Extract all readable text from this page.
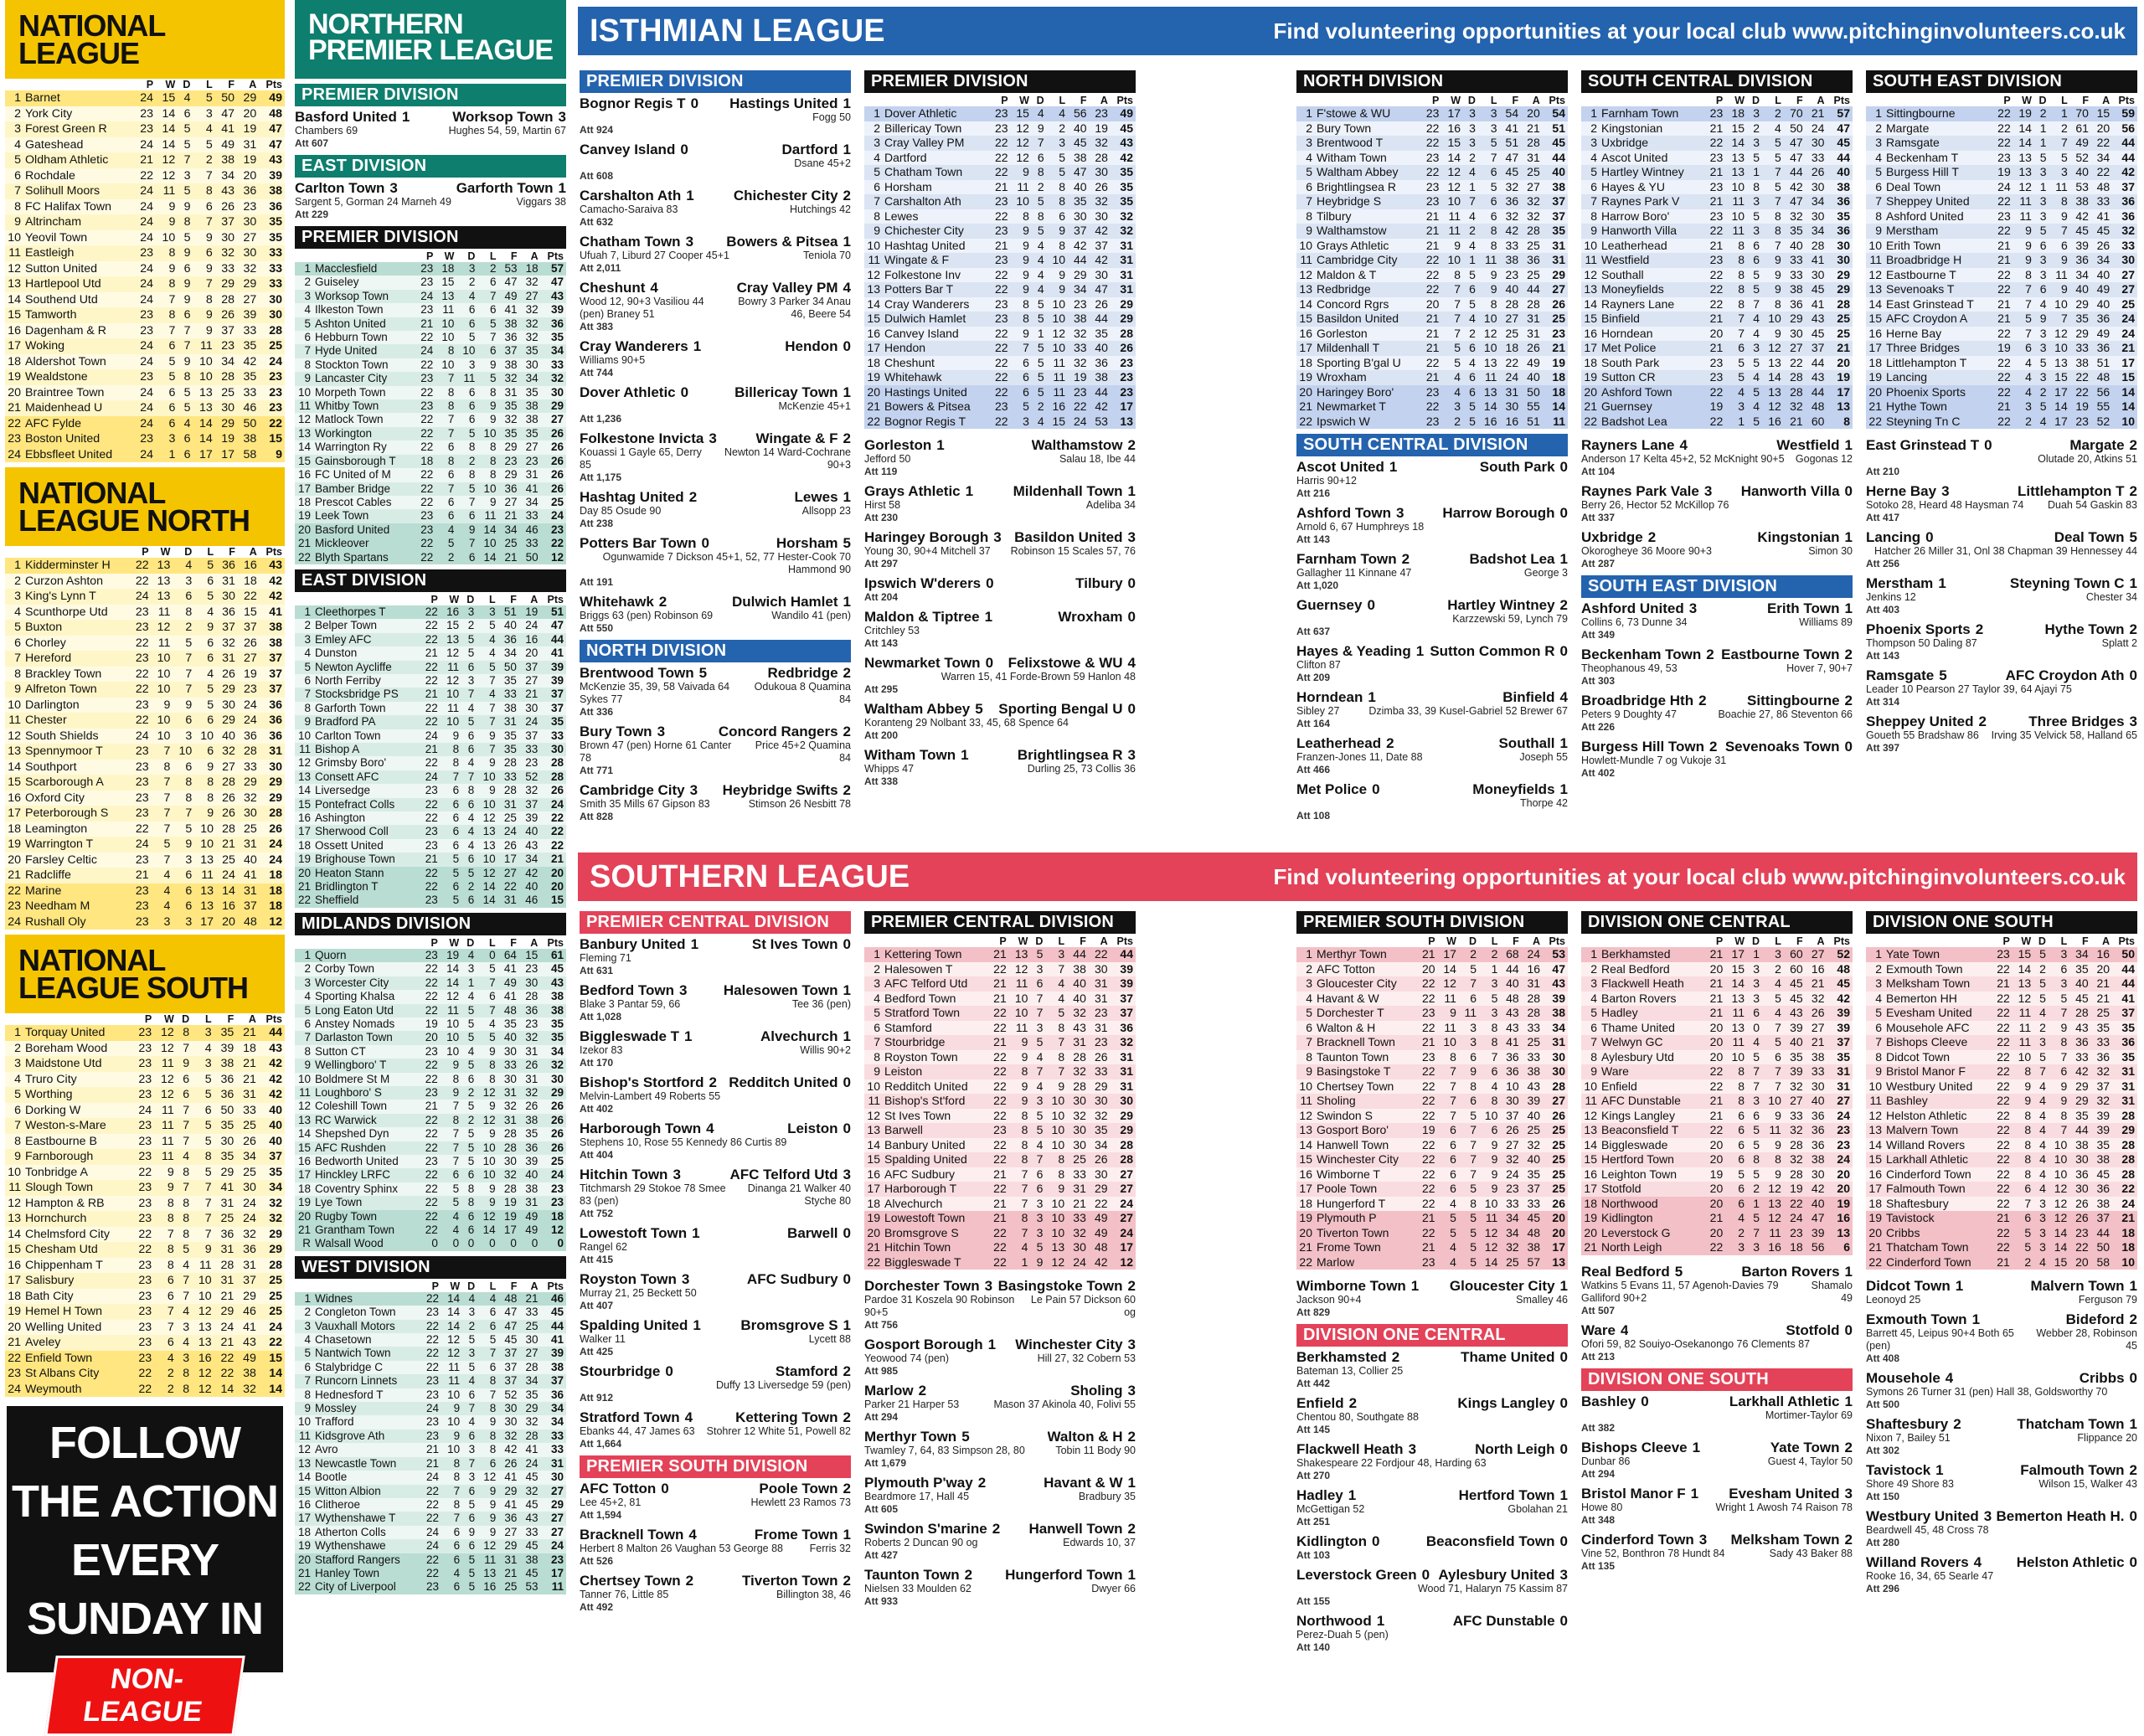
NATIONAL LEAGUE
		P	W	D	L	F	A	Pts
1	Barnet	24	15	4	5	50	29	49
2	York City	23	14	6	3	47	20	48
3	Forest Green R	23	14	5	4	41	19	47
4	Gateshead	24	14	5	5	49	31	47
5	Oldham Athletic	21	12	7	2	38	19	43
6	Rochdale	22	12	3	7	34	20	39
7	Solihull Moors	24	11	5	8	43	36	38
8	FC Halifax Town	24	9	9	6	26	23	36
9	Altrincham	24	9	8	7	37	30	35
10	Yeovil Town	24	10	5	9	30	27	35
11	Eastleigh	23	8	9	6	32	30	33
12	Sutton United	24	9	6	9	33	32	33
13	Hartlepool Utd	24	8	9	7	29	29	33
14	Southend Utd	24	7	9	8	28	27	30
15	Tamworth	23	8	6	9	26	39	30
16	Dagenham & R	23	7	7	9	37	33	28
17	Woking	24	6	7	11	23	35	25
18	Aldershot Town	24	5	9	10	34	42	24
19	Wealdstone	23	5	8	10	28	35	23
20	Braintree Town	24	6	5	13	25	33	23
21	Maidenhead U	24	6	5	13	30	46	23
22	AFC Fylde	24	6	4	14	29	50	22
23	Boston United	23	3	6	14	19	38	15
24	Ebbsfleet United	24	1	6	17	17	58	9
NATIONAL LEAGUE NORTH
		P	W	D	L	F	A	Pts
1	Kidderminster H	22	13	4	5	36	16	43
2	Curzon Ashton	22	13	3	6	31	18	42
3	King's Lynn T	24	13	6	5	30	22	42
4	Scunthorpe Utd	23	11	8	4	36	15	41
5	Buxton	23	12	2	9	37	37	38
6	Chorley	22	11	5	6	32	26	38
7	Hereford	23	10	7	6	31	27	37
8	Brackley Town	22	10	7	4	26	19	37
9	Alfreton Town	22	10	7	5	29	23	37
10	Darlington	23	9	9	5	30	24	36
11	Chester	22	10	6	6	29	24	36
12	South Shields	24	10	3	10	40	36	36
13	Spennymoor T	23	7	10	6	32	28	31
14	Southport	23	8	6	9	27	33	30
15	Scarborough A	23	7	8	8	28	29	29
16	Oxford City	23	7	8	8	26	32	29
17	Peterborough S	23	7	7	9	26	30	28
18	Leamington	22	7	5	10	28	25	26
19	Warrington T	24	5	9	10	21	31	24
20	Farsley Celtic	23	7	3	13	25	40	24
21	Radcliffe	21	4	6	11	24	41	18
22	Marine	23	4	6	13	14	31	18
23	Needham M	23	4	6	13	16	37	18
24	Rushall Oly	23	3	3	17	20	48	12
NATIONAL LEAGUE SOUTH
		P	W	D	L	F	A	Pts
1	Torquay United	23	12	8	3	35	21	44
2	Boreham Wood	23	12	7	4	39	18	43
3	Maidstone Utd	23	11	9	3	38	21	42
4	Truro City	23	12	6	5	36	21	42
5	Worthing	23	12	6	5	36	31	42
6	Dorking W	24	11	7	6	50	33	40
7	Weston-s-Mare	23	11	7	5	35	25	40
8	Eastbourne B	23	11	7	5	30	26	40
9	Farnborough	23	11	4	8	35	34	37
10	Tonbridge A	22	9	8	5	29	25	35
11	Slough Town	23	9	7	7	41	30	34
12	Hampton & RB	23	8	8	7	31	24	32
13	Hornchurch	23	8	8	7	25	24	32
14	Chelmsford City	22	7	8	7	36	32	29
15	Chesham Utd	22	8	5	9	31	36	29
16	Chippenham T	23	8	4	11	28	31	28
17	Salisbury	23	6	7	10	31	37	25
18	Bath City	23	6	7	10	21	29	25
19	Hemel H Town	23	7	4	12	29	46	25
20	Welling United	23	7	3	13	24	41	24
21	Aveley	23	6	4	13	21	43	22
22	Enfield Town	23	4	3	16	22	49	15
23	St Albans City	22	2	8	12	22	38	14
24	Weymouth	22	2	8	12	14	32	14
FOLLOW
THE ACTION
EVERY
SUNDAY IN
NON-LEAGUE
NORTHERN PREMIER LEAGUE
PREMIER DIVISION
Basford United 1	Worksop Town 3
Chambers 69	Hughes 54, 59, Martin 67
Att 607
EAST DIVISION
Carlton Town 3	Garforth Town 1
Sargent 5, Gorman 24 Marneh 49	Viggars 38
Att 229
PREMIER DIVISION
		P	W	D	L	F	A	Pts
1	Macclesfield	23	18	3	2	53	18	57
2	Guiseley	23	15	2	6	47	32	47
3	Worksop Town	24	13	4	7	49	27	43
4	Ilkeston Town	23	11	6	6	41	32	39
5	Ashton United	21	10	6	5	38	32	36
6	Hebburn Town	22	10	5	7	36	32	35
7	Hyde United	24	8	10	6	37	35	34
8	Stockton Town	22	10	3	9	38	30	33
9	Lancaster City	23	7	11	5	32	34	32
10	Morpeth Town	22	8	6	8	31	35	30
11	Whitby Town	23	8	6	9	35	38	29
12	Matlock Town	22	7	6	9	32	38	27
13	Workington	22	7	5	10	35	35	26
14	Warrington Ry	22	6	8	8	29	27	26
15	Gainsborough T	18	8	2	8	23	23	26
16	FC United of M	22	6	8	8	29	31	26
17	Bamber Bridge	22	7	5	10	36	41	26
18	Prescot Cables	22	6	7	9	27	34	25
19	Leek Town	23	6	6	11	21	33	24
20	Basford United	23	4	9	14	34	46	23
21	Mickleover	22	5	7	10	25	33	22
22	Blyth Spartans	22	2	6	14	21	50	12
EAST DIVISION
		P	W	D	L	F	A	Pts
1	Cleethorpes T	22	16	3	3	51	19	51
2	Belper Town	22	15	2	5	40	24	47
3	Emley AFC	22	13	5	4	36	16	44
4	Dunston	21	12	5	4	34	20	41
5	Newton Aycliffe	22	11	6	5	50	37	39
6	North Ferriby	22	12	3	7	35	27	39
7	Stocksbridge PS	21	10	7	4	33	21	37
8	Garforth Town	22	11	4	7	38	30	37
9	Bradford PA	22	10	5	7	31	24	35
10	Carlton Town	24	9	6	9	35	37	33
11	Bishop A	21	8	6	7	35	33	30
12	Grimsby Boro'	22	8	4	9	28	23	28
13	Consett AFC	24	7	7	10	33	52	28
14	Liversedge	23	6	8	9	28	32	26
15	Pontefract Colls	22	6	6	10	31	37	24
16	Ashington	22	6	4	12	25	39	22
17	Sherwood Coll	23	6	4	13	24	40	22
18	Ossett United	23	6	4	13	26	43	22
19	Brighouse Town	21	5	6	10	17	34	21
20	Heaton Stann	22	5	5	12	27	42	20
21	Bridlington T	22	6	2	14	22	40	20
22	Sheffield	23	5	6	14	31	46	15
MIDLANDS DIVISION
		P	W	D	L	F	A	Pts
1	Quorn	23	19	4	0	64	15	61
2	Corby Town	22	14	3	5	41	23	45
3	Worcester City	22	14	1	7	49	30	43
4	Sporting Khalsa	22	12	4	6	41	28	38
5	Long Eaton Utd	22	11	5	7	48	36	38
6	Anstey Nomads	19	10	5	4	35	23	35
7	Darlaston Town	20	10	5	5	40	32	35
8	Sutton CT	23	10	4	9	30	31	34
9	Wellingboro' T	22	9	5	8	33	26	32
10	Boldmere St M	22	8	6	8	30	31	30
11	Loughboro' S	23	9	2	12	31	32	29
12	Coleshill Town	21	7	5	9	32	26	26
13	RC Warwick	22	8	2	12	31	38	26
14	Shepshed Dyn	22	7	5	9	28	35	26
15	AFC Rushden	22	7	5	10	28	36	26
16	Bedworth United	23	7	5	10	30	39	25
17	Hinckley LRFC	22	6	6	10	32	40	24
18	Coventry Sphinx	22	5	8	9	28	38	23
19	Lye Town	22	5	8	9	19	31	23
20	Rugby Town	22	4	6	12	19	49	18
21	Grantham Town	22	4	6	14	17	49	12
R	Walsall Wood	0	0	0	0	0	0	0
WEST DIVISION
		P	W	D	L	F	A	Pts
1	Widnes	22	14	4	4	48	21	46
2	Congleton Town	23	14	3	6	47	33	45
3	Vauxhall Motors	22	14	2	6	47	25	44
4	Chasetown	22	12	5	5	45	30	41
5	Nantwich Town	22	12	3	7	37	27	39
6	Stalybridge C	22	11	5	6	37	28	38
7	Runcorn Linnets	23	11	4	8	37	34	37
8	Hednesford T	23	10	6	7	52	35	36
9	Mossley	24	9	7	8	30	29	34
10	Trafford	23	10	4	9	30	32	34
11	Kidsgrove Ath	23	9	6	8	32	28	33
12	Avro	21	10	3	8	42	41	33
13	Newcastle Town	21	8	7	6	26	24	31
14	Bootle	24	8	3	12	41	45	30
15	Witton Albion	22	7	6	9	29	32	27
16	Clitheroe	22	8	5	9	41	45	29
17	Wythenshawe T	22	7	6	9	36	43	27
18	Atherton Colls	24	6	9	9	27	33	27
19	Wythenshawe	24	6	6	12	29	45	24
20	Stafford Rangers	22	6	5	11	31	38	23
21	Hanley Town	22	4	5	13	21	45	17
22	City of Liverpool	23	6	5	16	25	53	11
ISTHMIAN LEAGUE	Find volunteering opportunities at your local club www.pitchinginvolunteers.co.uk
PREMIER DIVISION
Bognor Regis T 0 Hastings United 1
Fogg 50
Att 924
Canvey Island 0	Dartford 1
Dsane 45+2
Att 608
Carshalton Ath 1	Chichester City 2
Camacho-Saraiva 83	Hutchings 42
Att 632
Chatham Town 3 Bowers & Pitsea 1
Ufuah 7, Liburd 27 Cooper 45+1	Teniola 70
Att 2,011
Cheshunt 4	Cray Valley PM 4
Wood 12, 90+3 Vasiliou 44 (pen) Braney 51
Bowry 3 Parker 34 Anau 46, Beere 54
Att 383
Cray Wanderers 1	Hendon 0
Williams 90+5
Att 744
Dover Athletic 0	Billericay Town 1
McKenzie 45+1
Att 1,236
Folkestone Invicta 3	Wingate & F 2
Kouassi 1 Gayle 65, Derry 85
Newton 14 Ward-Cochrane 90+3
Att 1,175
Hashtag United 2	Lewes 1
Day 85 Osude 90	Allsopp 23
Att 238
Potters Bar Town 0	Horsham 5
Ogunwamide 7 Dickson 45+1, 52, 77 Hester-Cook 70 Hammond 90
Att 191
Whitehawk 2	Dulwich Hamlet 1
Briggs 63 (pen) Robinson 69	Wandilo 41 (pen)
Att 550
NORTH DIVISION
Brentwood Town 5	Redbridge 2
McKenzie 35, 39, 58 Vaivada 64 Sykes 77
Odukoua 8 Quamina 84
Att 336
Bury Town 3	Concord Rangers 2
Brown 47 (pen) Horne 61 Canter 78
Price 45+2 Quamina 84
Att 771
Cambridge City 3 Heybridge Swifts 2
Smith 35 Mills 67 Gipson 83	Stimson 26 Nesbitt 78
Att 828
PREMIER DIVISION
		P	W	D	L	F	A	Pts
1	Dover Athletic	23	15	4	4	56	23	49
2	Billericay Town	23	12	9	2	40	19	45
3	Cray Valley PM	22	12	7	3	45	32	43
4	Dartford	22	12	6	5	38	28	42
5	Chatham Town	22	9	8	5	47	30	35
6	Horsham	21	11	2	8	40	26	35
7	Carshalton Ath	23	10	5	8	35	32	35
8	Lewes	22	8	8	6	30	30	32
9	Chichester City	23	9	5	9	37	42	32
10	Hashtag United	21	9	4	8	42	37	31
11	Wingate & F	23	9	4	10	44	42	31
12	Folkestone Inv	22	9	4	9	29	30	31
13	Potters Bar T	22	9	4	9	34	47	31
14	Cray Wanderers	23	8	5	10	23	26	29
15	Dulwich Hamlet	23	8	5	10	38	44	29
16	Canvey Island	22	9	1	12	32	35	28
17	Hendon	22	7	5	10	33	40	26
18	Cheshunt	22	6	5	11	32	36	23
19	Whitehawk	22	6	5	11	19	38	23
20	Hastings United	22	6	5	11	23	44	23
21	Bowers & Pitsea	23	5	2	16	22	42	17
22	Bognor Regis T	22	3	4	15	24	53	13
Gorleston 1	Walthamstow 2
Jefford 50	Salau 18, Ibe 44
Att 119
Grays Athletic 1	Mildenhall Town 1
Hirst 58	Adeliba 34
Att 230
Haringey Borough 3 Basildon United 3
Young 30, 90+4 Mitchell 37 Robinson 15 Scales 57, 76
Att 297
Ipswich W'derers 0	Tilbury 0
Att 204
Maldon & Tiptree 1	Wroxham 0
Critchley 53
Att 143
Newmarket Town 0 Felixstowe & WU 4
Warren 15, 41 Forde-Brown 59 Hanlon 48
Att 295
Waltham Abbey 5 Sporting Bengal U 0
Koranteng 29 Nolbant 33, 45, 68 Spence 64
Att 200
Witham Town 1	Brightlingsea R 3
Whipps 47	Durling 25, 73 Collis 36
Att 338
NORTH DIVISION
		P	W	D	L	F	A	Pts
1	F'stowe & WU	23	17	3	3	54	20	54
2	Bury Town	22	16	3	3	41	21	51
3	Brentwood T	22	15	3	5	51	28	45
4	Witham Town	23	14	2	7	47	31	44
5	Waltham Abbey	22	12	4	6	45	25	40
6	Brightlingsea R	23	12	1	5	32	27	38
7	Heybridge S	23	10	7	6	36	32	37
8	Tilbury	21	11	4	6	32	32	37
9	Walthamstow	21	11	2	8	42	28	35
10	Grays Athletic	21	9	4	8	33	25	31
11	Cambridge City	22	10	1	11	38	36	31
12	Maldon & T	22	8	5	9	23	25	29
13	Redbridge	22	7	6	9	40	44	27
14	Concord Rgrs	20	7	5	8	28	28	26
15	Basildon United	21	7	4	10	27	31	25
16	Gorleston	21	7	2	12	25	31	23
17	Mildenhall T	21	5	6	10	18	26	21
18	Sporting B'gal U	22	5	4	13	22	49	19
19	Wroxham	21	4	6	11	24	40	18
20	Haringey Boro'	23	4	6	13	31	50	18
21	Newmarket T	22	3	5	14	30	55	14
22	Ipswich W	23	2	5	16	16	51	11
SOUTH CENTRAL DIVISION
Ascot United 1	South Park 0
Harris 90+12
Att 216
Ashford Town 3	Harrow Borough 0
Arnold 6, 67 Humphreys 18
Att 143
Farnham Town 2	Badshot Lea 1
Gallagher 11 Kinnane 47	George 3
Att 1,020
Guernsey 0	Hartley Wintney 2
Karzzewski 59, Lynch 79
Att 637
Hayes & Yeading 1 Sutton Common R 0
Clifton 87
Att 209
Horndean 1	Binfield 4
Sibley 27	Dzimba 33, 39 Kusel-Gabriel 52 Brewer 67
Att 164
Leatherhead 2	Southall 1
Franzen-Jones 11, Date 88	Joseph 55
Att 466
Met Police 0	Moneyfields 1
Thorpe 42
Att 108
SOUTH CENTRAL DIVISION
		P	W	D	L	F	A	Pts
1	Farnham Town	23	18	3	2	70	21	57
2	Kingstonian	21	15	2	4	50	24	47
3	Uxbridge	22	14	3	5	47	30	45
4	Ascot United	23	13	5	5	47	33	44
5	Hartley Wintney	21	13	1	7	44	26	40
6	Hayes & YU	23	10	8	5	42	30	38
7	Raynes Park V	21	11	3	7	47	34	36
8	Harrow Boro'	23	10	5	8	32	30	35
9	Hanworth Villa	22	11	3	8	35	34	36
10	Leatherhead	21	8	6	7	40	28	30
11	Westfield	23	8	6	9	33	41	30
12	Southall	22	8	5	9	33	30	29
13	Moneyfields	22	8	5	9	38	45	29
14	Rayners Lane	22	8	7	8	36	41	28
15	Binfield	21	7	4	10	29	43	25
16	Horndean	20	7	4	9	30	45	25
17	Met Police	21	6	3	12	27	37	21
18	South Park	23	5	5	13	22	44	20
19	Sutton CR	23	5	4	14	28	43	19
20	Ashford Town	22	4	5	13	28	44	17
21	Guernsey	19	3	4	12	32	48	13
22	Badshot Lea	22	1	5	16	21	60	8
Rayners Lane 4	Westfield 1
Anderson 17 Kelta 45+2, 52 McKnight 90+5 Gogonas 12
Att 104
Raynes Park Vale 3 Hanworth Villa 0
Berry 26, Hector 52 McKillop 76
Att 337
Uxbridge 2	Kingstonian 1
Okorogheye 36 Moore 90+3	Simon 30
Att 287
SOUTH EAST DIVISION
Ashford United 3	Erith Town 1
Collins 6, 73 Dunne 34	Williams 89
Att 349
Beckenham Town 2 Eastbourne Town 2
Theophanous 49, 53	Hover 7, 90+7
Att 303
Broadbridge Hth 2	Sittingbourne 2
Peters 9 Doughty 47	Boachie 27, 86 Steventon 66
Att 226
Burgess Hill Town 2 Sevenoaks Town 0
Howlett-Mundle 7 og Vukoje 31
Att 402
SOUTH EAST DIVISION
		P	W	D	L	F	A	Pts
1	Sittingbourne	22	19	2	1	70	15	59
2	Margate	22	14	1	2	61	20	56
3	Ramsgate	22	14	1	7	49	22	44
4	Beckenham T	23	13	5	5	52	34	44
5	Burgess Hill T	19	13	3	3	40	22	42
6	Deal Town	24	12	1	11	53	48	37
7	Sheppey United	22	11	3	8	38	33	36
8	Ashford United	23	11	3	9	42	41	36
9	Merstham	22	9	5	7	45	45	32
10	Erith Town	21	9	6	6	39	26	33
11	Broadbridge H	21	9	3	9	36	34	30
12	Eastbourne T	22	8	3	11	34	40	27
13	Sevenoaks T	22	7	6	9	40	49	27
14	East Grinstead T	21	7	4	10	29	40	25
15	AFC Croydon A	21	5	9	7	35	36	24
16	Herne Bay	22	7	3	12	29	49	24
17	Three Bridges	19	6	3	10	33	36	21
18	Littlehampton T	22	4	5	13	38	51	17
19	Lancing	22	4	3	15	22	48	15
20	Phoenix Sports	22	4	2	17	22	56	14
21	Hythe Town	21	3	5	14	19	55	14
22	Steyning Tn C	22	2	4	17	23	52	10
East Grinstead T 0	Margate 2
Olutade 20, Atkins 51
Att 210
Herne Bay 3	Littlehampton T 2
Sotoko 28, Heard 48 Haysman 74 Duah 54 Gaskin 83
Att 417
Lancing 0	Deal Town 5
Hatcher 26 Miller 31, Onl 38 Chapman 39 Hennessey 44
Att 256
Merstham 1	Steyning Town C 1
Jenkins 12	Chester 34
Att 403
Phoenix Sports 2	Hythe Town 2
Thompson 50 Daling 87	Splatt 2
Att 143
Ramsgate 5	AFC Croydon Ath 0
Leader 10 Pearson 27 Taylor 39, 64 Ajayi 75
Att 314
Sheppey United 2	Three Bridges 3
Goueth 55 Bradshaw 86 Irving 35 Velvick 58, Halland 65
Att 397
SOUTHERN LEAGUE	Find volunteering opportunities at your local club www.pitchinginvolunteers.co.uk
PREMIER CENTRAL DIVISION
Banbury United 1	St Ives Town 0
Fleming 71
Att 631
Bedford Town 3	Halesowen Town 1
Blake 3 Pantar 59, 66	Tee 36 (pen)
Att 1,028
Biggleswade T 1	Alvechurch 1
Izekor 83	Willis 90+2
Att 170
Bishop's Stortford 2 Redditch United 0
Melvin-Lambert 49 Roberts 55
Att 402
Harborough Town 4	Leiston 0
Stephens 10, Rose 55 Kennedy 86 Curtis 89
Att 404
Hitchin Town 3	AFC Telford Utd 3
Titchmarsh 29 Stokoe 78 Smee 83 (pen)
Dinanga 21 Walker 40 Styche 80
Att 752
Lowestoft Town 1	Barwell 0
Rangel 62
Att 415
Royston Town 3	AFC Sudbury 0
Murray 21, 25 Beckett 50
Att 407
Spalding United 1	Bromsgrove S 1
Walker 11	Lycett 88
Att 425
Stourbridge 0	Stamford 2
Duffy 13 Liversedge 59 (pen)
Att 912
Stratford Town 4	Kettering Town 2
Ebanks 44, 47 James 63 Stohrer 12 White 51, Powell 82
Att 1,664
PREMIER SOUTH DIVISION
AFC Totton 0	Poole Town 2
Lee 45+2, 81	Hewlett 23 Ramos 73
Att 1,594
Bracknell Town 4	Frome Town 1
Herbert 8 Malton 26 Vaughan 53 George 88	Ferris 32
Att 526
Chertsey Town 2	Tiverton Town 2
Tanner 76, Little 85	Billington 38, 46
Att 492
PREMIER CENTRAL DIVISION
		P	W	D	L	F	A	Pts
1	Kettering Town	21	13	5	3	44	22	44
2	Halesowen T	22	12	3	7	38	30	39
3	AFC Telford Utd	21	11	6	4	40	31	39
4	Bedford Town	21	10	7	4	40	31	37
5	Stratford Town	22	10	7	5	32	23	37
6	Stamford	22	11	3	8	43	31	36
7	Stourbridge	21	9	5	7	31	23	32
8	Royston Town	22	9	4	8	28	26	31
9	Leiston	22	8	7	7	32	33	31
10	Redditch United	22	9	4	9	28	29	31
11	Bishop's St'ford	22	9	3	10	30	30	30
12	St Ives Town	22	8	5	10	32	32	29
13	Barwell	23	8	5	10	30	35	29
14	Banbury United	22	8	4	10	30	34	28
15	Spalding United	22	8	7	8	25	26	28
16	AFC Sudbury	21	7	6	8	33	30	27
17	Harborough T	22	7	6	9	31	29	27
18	Alvechurch	21	7	3	10	21	22	24
19	Lowestoft Town	21	8	3	10	33	49	27
20	Bromsgrove S	22	7	3	10	32	49	24
21	Hitchin Town	22	4	5	13	30	48	17
22	Biggleswade T	22	1	9	12	24	42	12
Dorchester Town 3 Basingstoke Town 2
Pardoe 31 Koszela 90 Robinson 90+5
Le Pain 57 Dickson 60 og
Att 756
Gosport Borough 1 Winchester City 3
Yeowood 74 (pen)	Hill 27, 32 Cobern 53
Att 985
Marlow 2	Sholing 3
Parker 21 Harper 53	Mason 37 Akinola 40, Folivi 55
Att 294
Merthyr Town 5	Walton & H 2
Twamley 7, 64, 83 Simpson 28, 80	Tobin 11 Body 90
Att 1,679
Plymouth P'way 2	Havant & W 1
Beardmore 17, Hall 45	Bradbury 35
Att 605
Swindon S'marine 2 Hanwell Town 2
Roberts 2 Duncan 90 og	Edwards 10, 37
Att 427
Taunton Town 2 Hungerford Town 1
Nielsen 33 Moulden 62	Dwyer 66
Att 933
PREMIER SOUTH DIVISION
		P	W	D	L	F	A	Pts
1	Merthyr Town	21	17	2	2	68	24	53
2	AFC Totton	20	14	5	1	44	16	47
3	Gloucester City	22	12	7	3	40	31	43
4	Havant & W	22	11	6	5	48	28	39
5	Dorchester T	23	9	11	3	43	28	38
6	Walton & H	22	11	3	8	43	33	34
7	Bracknell Town	21	10	3	8	41	25	31
8	Taunton Town	23	8	6	7	36	33	30
9	Basingstoke T	22	7	9	6	36	38	30
10	Chertsey Town	22	7	8	4	10	43	28
11	Sholing	22	7	6	8	30	39	27
12	Swindon S	22	7	5	10	37	40	26
13	Gosport Boro'	19	6	7	6	26	25	25
14	Hanwell Town	22	6	7	9	27	32	25
15	Winchester City	22	6	7	9	32	40	25
16	Wimborne T	22	6	7	9	24	35	25
17	Poole Town	22	6	5	9	23	37	25
18	Hungerford T	22	4	8	10	33	33	26
19	Plymouth P	21	5	5	11	34	45	20
20	Tiverton Town	22	5	5	12	34	48	20
21	Frome Town	21	4	5	12	32	38	17
22	Marlow	23	4	5	14	25	57	13
Wimborne Town 1 Gloucester City 1
Jackson 90+4	Smalley 46
Att 829
DIVISION ONE CENTRAL
Berkhamsted 2	Thame United 0
Bateman 13, Collier 25
Att 442
Enfield 2	Kings Langley 0
Chentou 80, Southgate 88
Att 145
Flackwell Heath 3	North Leigh 0
Shakespeare 22 Fordjour 48, Harding 63
Att 270
Hadley 1	Hertford Town 1
McGettigan 52	Gbolahan 21
Att 251
Kidlington 0	Beaconsfield Town 0
Att 103
Leverstock Green 0 Aylesbury United 3
Wood 71, Halaryn 75 Kassim 87
Att 155
Northwood 1	AFC Dunstable 0
Perez-Duah 5 (pen)
Att 140
DIVISION ONE CENTRAL
		P	W	D	L	F	A	Pts
1	Berkhamsted	21	17	1	3	60	27	52
2	Real Bedford	20	15	3	2	60	16	48
3	Flackwell Heath	21	14	3	4	45	21	45
4	Barton Rovers	21	13	3	5	45	32	42
5	Hadley	21	11	6	4	43	26	39
6	Thame United	20	13	0	7	39	27	39
7	Welwyn GC	20	11	4	5	40	21	37
8	Aylesbury Utd	20	10	5	6	35	38	35
9	Ware	22	8	7	7	39	33	31
10	Enfield	22	8	7	7	32	30	31
11	AFC Dunstable	21	8	3	10	27	40	27
12	Kings Langley	21	6	6	9	33	36	24
13	Beaconsfield T	22	6	5	11	32	36	23
14	Biggleswade	20	6	5	9	28	36	23
15	Hertford Town	20	6	8	8	32	38	24
16	Leighton Town	19	5	5	9	28	30	20
17	Stotfold	20	6	2	12	19	42	20
18	Northwood	20	6	1	13	22	40	19
19	Kidlington	21	4	5	12	24	47	16
20	Leverstock G	20	2	7	11	23	39	13
21	North Leigh	22	3	3	16	18	56	6
Real Bedford 5	Barton Rovers 1
Watkins 5 Evans 11, 57 Agenoh-Davies 79 Galliford 90+2
Shamalo 49
Att 507
Ware 4	Stotfold 0
Ofori 59, 82 Souiyo-Osekanongo 76 Clements 87
Att 213
DIVISION ONE SOUTH
Bashley 0	Larkhall Athletic 1
Mortimer-Taylor 69
Att 382
Bishops Cleeve 1	Yate Town 2
Dunbar 86	Guest 4, Taylor 50
Att 294
Bristol Manor F 1 Evesham United 3
Howe 80	Wright 1 Awosh 74 Raison 78
Att 348
Cinderford Town 3 Melksham Town 2
Vine 52, Bonthron 78 Hundt 84	Sady 43 Baker 88
Att 135
DIVISION ONE SOUTH
		P	W	D	L	F	A	Pts
1	Yate Town	23	15	5	3	34	16	50
2	Exmouth Town	22	14	2	6	35	20	44
3	Melksham Town	21	13	5	3	40	21	44
4	Bemerton HH	22	12	5	5	45	21	41
5	Evesham United	22	11	4	7	28	25	37
6	Mousehole AFC	22	11	2	9	43	35	35
7	Bishops Cleeve	22	11	3	8	36	33	36
8	Didcot Town	22	10	5	7	33	36	35
9	Bristol Manor F	22	8	7	6	42	32	31
10	Westbury United	22	9	4	9	29	37	31
11	Bashley	22	9	4	9	29	32	31
12	Helston Athletic	22	8	4	8	35	39	28
13	Malvern Town	22	8	4	7	44	39	29
14	Willand Rovers	22	8	4	10	38	35	28
15	Larkhall Athletic	22	8	4	10	30	38	28
16	Cinderford Town	22	8	4	10	36	45	28
17	Falmouth Town	22	6	4	12	30	36	22
18	Shaftesbury	22	7	3	12	26	38	24
19	Tavistock	21	6	3	12	26	37	21
20	Cribbs	22	5	3	14	23	44	18
21	Thatcham Town	22	5	3	14	22	50	18
22	Cinderford Town	21	2	4	15	20	58	10
Didcot Town 1	Malvern Town 1
Leonoyd 25	Ferguson 79
Exmouth Town 1	Bideford 2
Barrett 45, Leipus 90+4 Both 65 (pen)
Webber 28, Robinson 45
Att 408
Mousehole 4	Cribbs 0
Symons 26 Turner 31 (pen) Hall 38, Goldsworthy 70
Att 500
Shaftesbury 2	Thatcham Town 1
Nixon 7, Bailey 51	Flippance 20
Att 302
Tavistock 1	Falmouth Town 2
Shore 49 Shore 83	Wilson 15, Walker 43
Att 150
Westbury United 3 Bemerton Heath H. 0
Beardwell 45, 48 Cross 78
Att 280
Willand Rovers 4 Helston Athletic 0
Rooke 16, 34, 65 Searle 47
Att 296
